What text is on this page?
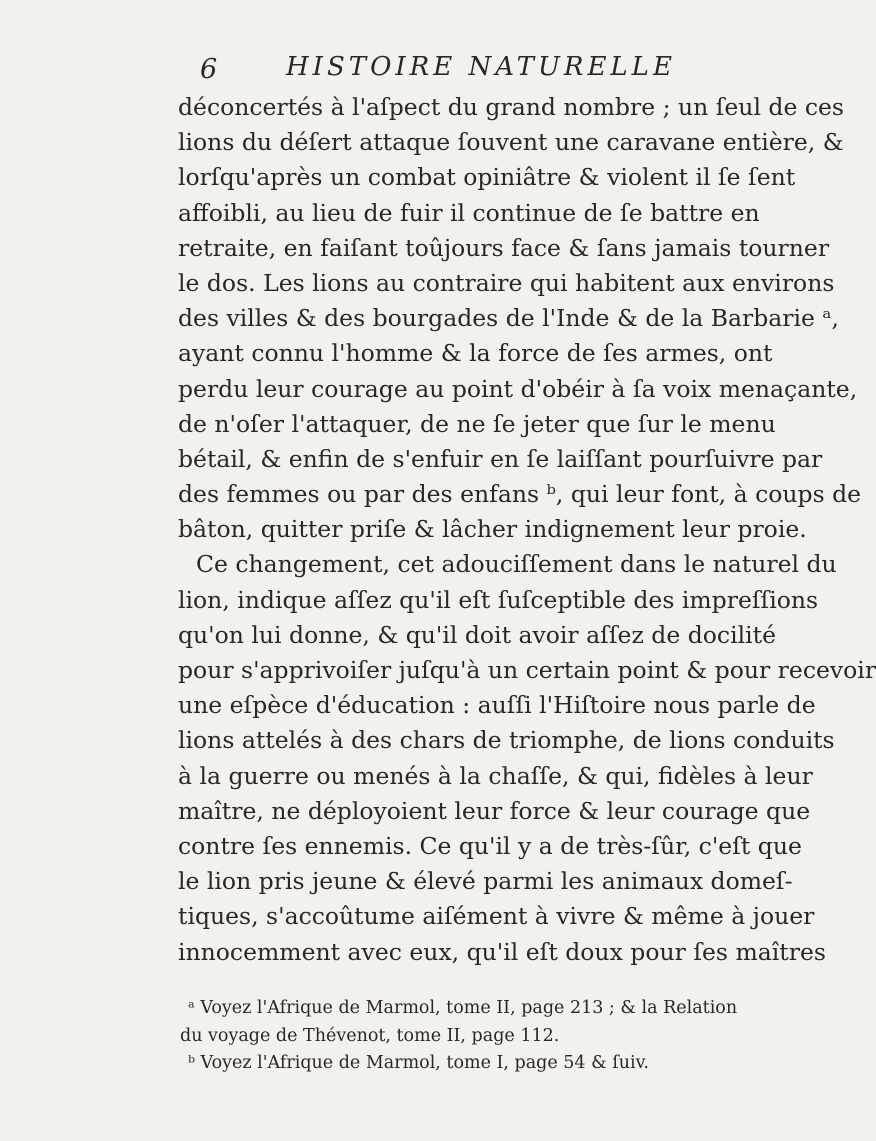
6	HISTOIRE NATURELLE
déconcertés à l'aſpect du grand nombre ; un ſeul de ces
lions du déſert attaque ſouvent une caravane entière, &
lorſqu'après un combat opiniâtre & violent il ſe ſent
affoibli, au lieu de fuir il continue de ſe battre en
retraite, en faiſant toûjours face & ſans jamais tourner
le dos. Les lions au contraire qui habitent aux environs
des villes & des bourgades de l'Inde & de la Barbarie ᵃ,
ayant connu l'homme & la force de ſes armes, ont
perdu leur courage au point d'obéir à ſa voix menaçante,
de n'oſer l'attaquer, de ne ſe jeter que ſur le menu
bétail, & enfin de s'enfuir en ſe laiſſant pourſuivre par
des femmes ou par des enfans ᵇ, qui leur font, à coups de
bâton, quitter priſe & lâcher indignement leur proie.
Ce changement, cet adouciſſement dans le naturel du
lion, indique aſſez qu'il eſt ſuſceptible des impreſſions
qu'on lui donne, & qu'il doit avoir aſſez de docilité
pour s'apprivoiſer juſqu'à un certain point & pour recevoir
une eſpèce d'éducation : auſſi l'Hiſtoire nous parle de
lions attelés à des chars de triomphe, de lions conduits
à la guerre ou menés à la chaſſe, & qui, fidèles à leur
maître, ne déployoient leur force & leur courage que
contre ſes ennemis. Ce qu'il y a de très-ſûr, c'eſt que
le lion pris jeune & élevé parmi les animaux domeſ-
tiques, s'accoûtume aiſément à vivre & même à jouer
innocemment avec eux, qu'il eſt doux pour ſes maîtres
ᵃ Voyez l'Afrique de Marmol, tome II, page 213 ; & la Relation
du voyage de Thévenot, tome II, page 112.
ᵇ Voyez l'Afrique de Marmol, tome I, page 54 & ſuiv.
